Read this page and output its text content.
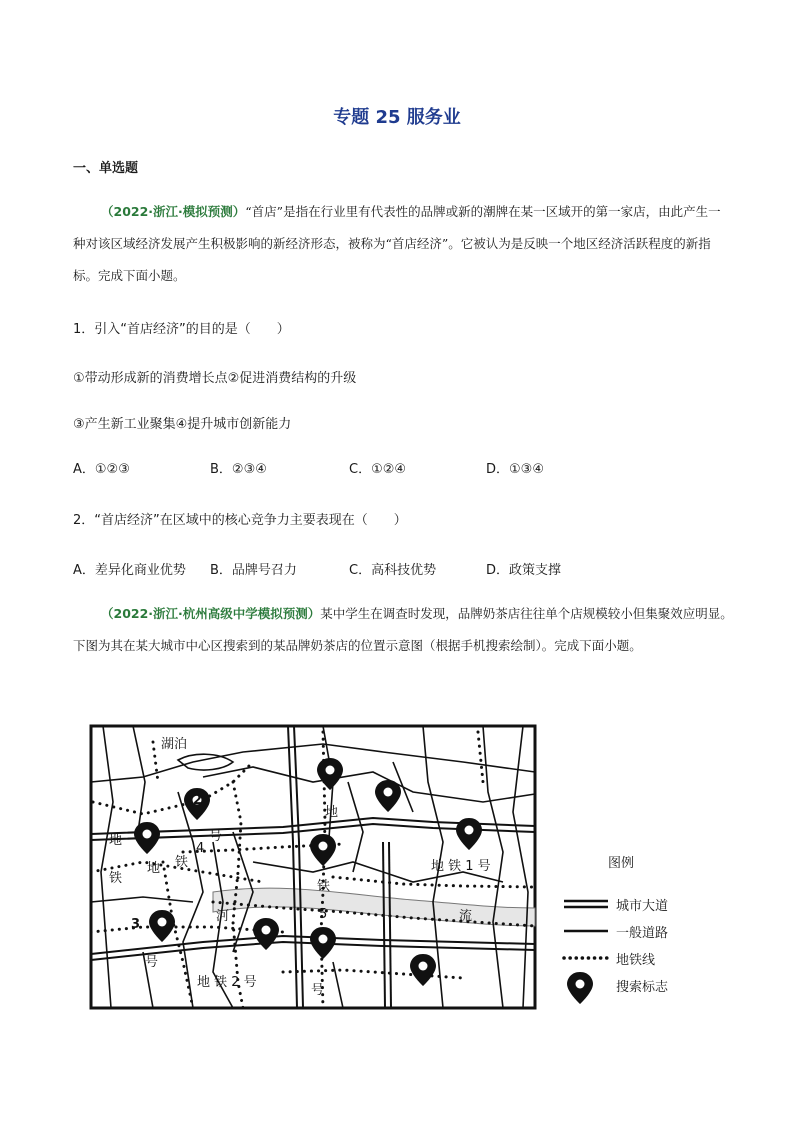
专题 25 服务业
一、单选题

（2022·浙江·模拟预测）“首店”是指在行业里有代表性的品牌或新的潮牌在某一区域开的第一家店，由此产生一种对该区域经济发展产生积极影响的新经济形态，被称为“首店经济”。它被认为是反映一个地区经济活跃程度的新指标。完成下面小题。

1．引入“首店经济”的目的是（　　）
①带动形成新的消费增长点②促进消费结构的升级
③产生新工业聚集④提升城市创新能力
A．①②③	B．②③④	C．①②④	D．①③④
2．“首店经济”在区域中的核心竞争力主要表现在（　　）
A．差异化商业优势 B．品牌号召力	C．高科技优势	D．政策支撑

（2022·浙江·杭州高级中学模拟预测）某中学生在调查时发现，品牌奶茶店往往单个店规模较小但集聚效应明显。下图为其在某大城市中心区搜索到的某品牌奶茶店的位置示意图（根据手机搜索绘制）。完成下面小题。

湖泊
2
地
铁
地 铁
4
号
地
铁
5
号
地 铁 1 号
河	流
地 铁 2 号
3
号
图例
城市大道
一般道路
地铁线
搜索标志
